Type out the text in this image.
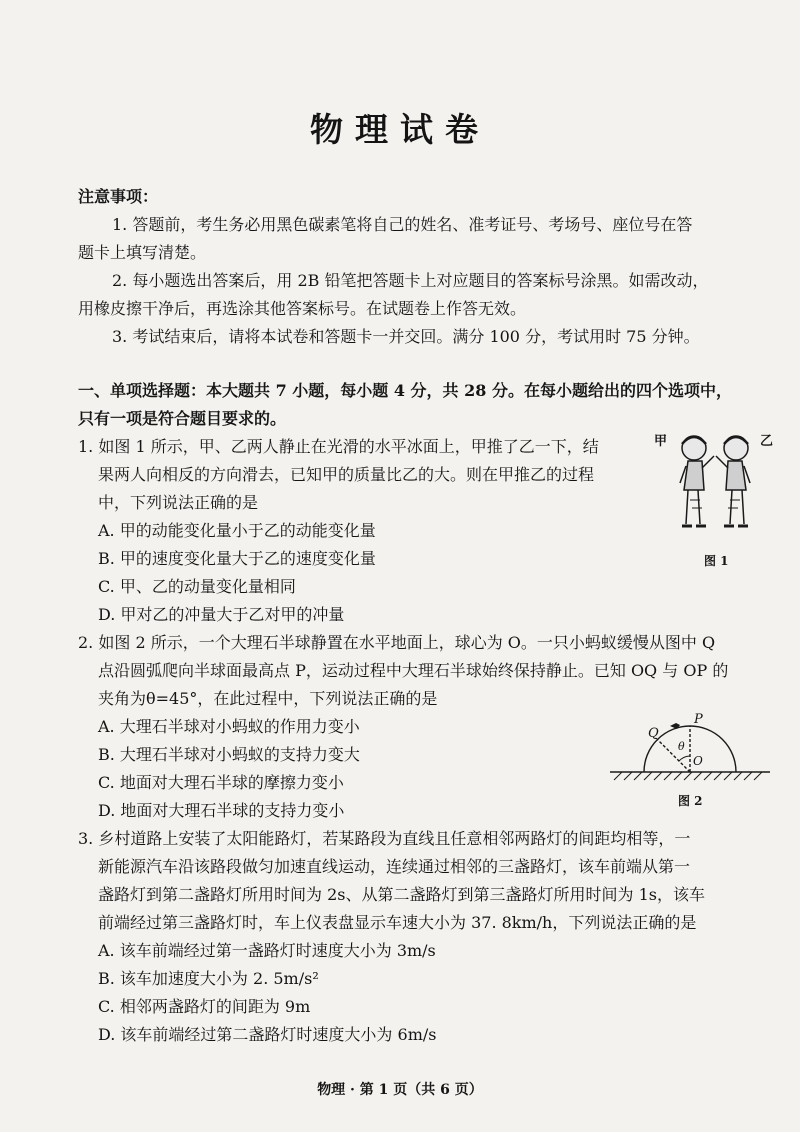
物理试卷
注意事项：
1. 答题前，考生务必用黑色碳素笔将自己的姓名、准考证号、考场号、座位号在答
题卡上填写清楚。
2. 每小题选出答案后，用 2B 铅笔把答题卡上对应题目的答案标号涂黑。如需改动，
用橡皮擦干净后，再选涂其他答案标号。在试题卷上作答无效。
3. 考试结束后，请将本试卷和答题卡一并交回。满分 100 分，考试用时 75 分钟。
一、单项选择题：本大题共 7 小题，每小题 4 分，共 28 分。在每小题给出的四个选项中，
只有一项是符合题目要求的。
1. 如图 1 所示，甲、乙两人静止在光滑的水平冰面上，甲推了乙一下，结
果两人向相反的方向滑去，已知甲的质量比乙的大。则在甲推乙的过程
中，下列说法正确的是
A. 甲的动能变化量小于乙的动能变化量
B. 甲的速度变化量大于乙的速度变化量
C. 甲、乙的动量变化量相同
D. 甲对乙的冲量大于乙对甲的冲量
甲	乙
图 1
2. 如图 2 所示，一个大理石半球静置在水平地面上，球心为 O。一只小蚂蚁缓慢从图中 Q
点沿圆弧爬向半球面最高点 P，运动过程中大理石半球始终保持静止。已知 OQ 与 OP 的
夹角为θ=45°，在此过程中，下列说法正确的是
A. 大理石半球对小蚂蚁的作用力变小
B. 大理石半球对小蚂蚁的支持力变大
C. 地面对大理石半球的摩擦力变小
D. 地面对大理石半球的支持力变小
P
Q
O
θ
图 2
3. 乡村道路上安装了太阳能路灯，若某路段为直线且任意相邻两路灯的间距均相等，一
新能源汽车沿该路段做匀加速直线运动，连续通过相邻的三盏路灯，该车前端从第一
盏路灯到第二盏路灯所用时间为 2s、从第二盏路灯到第三盏路灯所用时间为 1s，该车
前端经过第三盏路灯时，车上仪表盘显示车速大小为 37. 8km/h，下列说法正确的是
A. 该车前端经过第一盏路灯时速度大小为 3m/s
B. 该车加速度大小为 2. 5m/s²
C. 相邻两盏路灯的间距为 9m
D. 该车前端经过第二盏路灯时速度大小为 6m/s
物理 · 第 1 页（共 6 页）
